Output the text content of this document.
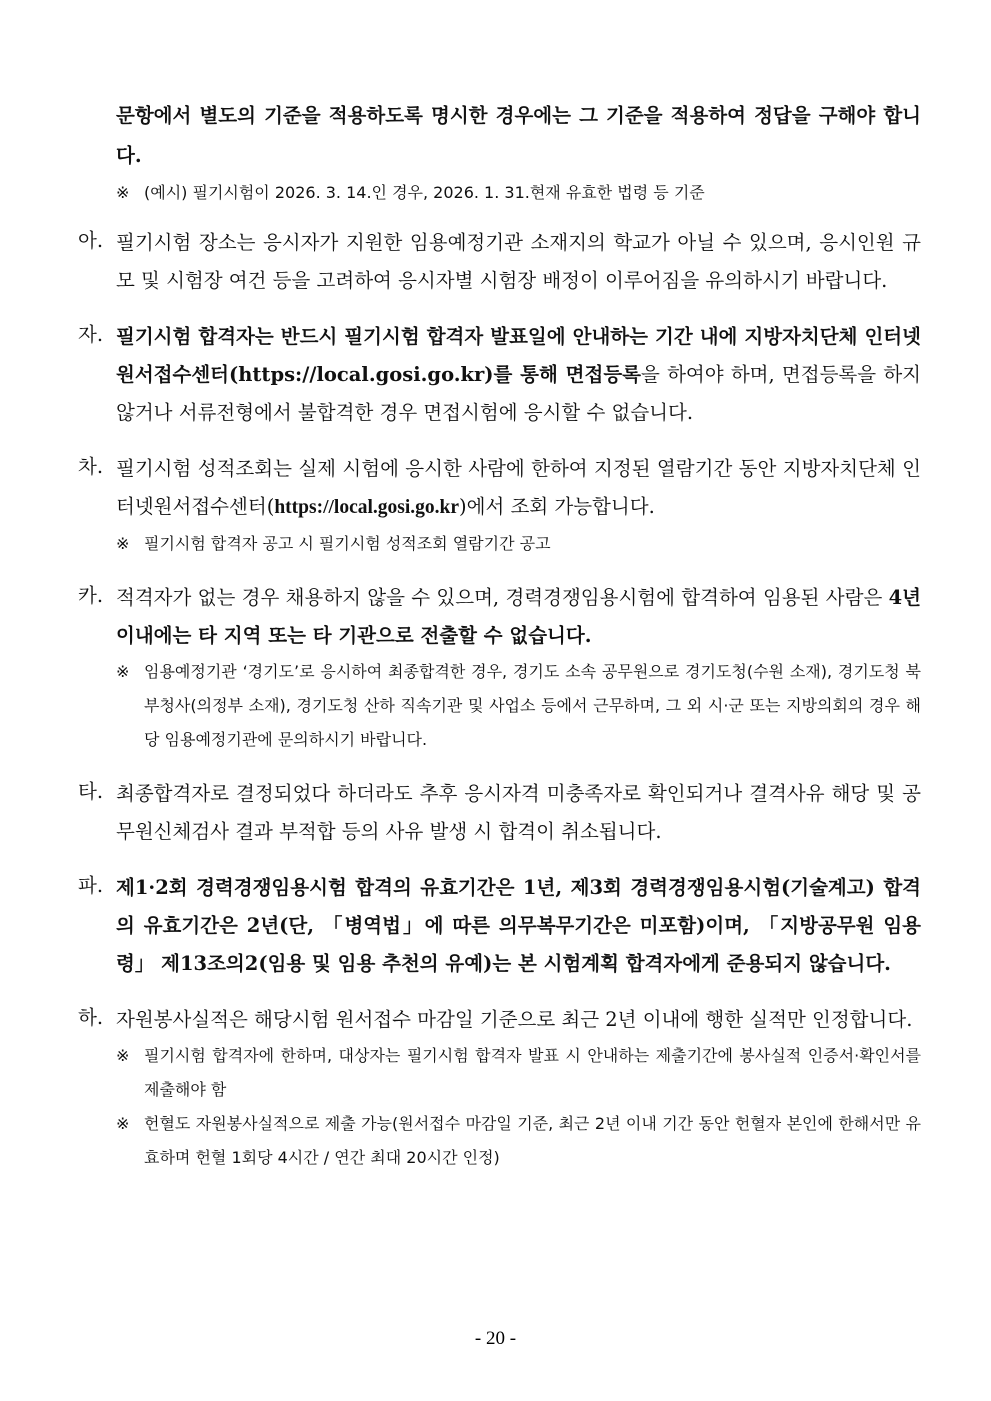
문항에서 별도의 기준을 적용하도록 명시한 경우에는 그 기준을 적용하여 정답을 구해야 합니다.
※ (예시) 필기시험이 2026. 3. 14.인 경우, 2026. 1. 31.현재 유효한 법령 등 기준
아. 필기시험 장소는 응시자가 지원한 임용예정기관 소재지의 학교가 아닐 수 있으며, 응시인원 규모 및 시험장 여건 등을 고려하여 응시자별 시험장 배정이 이루어짐을 유의하시기 바랍니다.
자. 필기시험 합격자는 반드시 필기시험 합격자 발표일에 안내하는 기간 내에 지방자치단체 인터넷원서접수센터(https://local.gosi.go.kr)를 통해 면접등록을 하여야 하며, 면접등록을 하지 않거나 서류전형에서 불합격한 경우 면접시험에 응시할 수 없습니다.
차. 필기시험 성적조회는 실제 시험에 응시한 사람에 한하여 지정된 열람기간 동안 지방자치단체 인터넷원서접수센터(https://local.gosi.go.kr)에서 조회 가능합니다.
※ 필기시험 합격자 공고 시 필기시험 성적조회 열람기간 공고
카. 적격자가 없는 경우 채용하지 않을 수 있으며, 경력경쟁임용시험에 합격하여 임용된 사람은 4년 이내에는 타 지역 또는 타 기관으로 전출할 수 없습니다.
※ 임용예정기관 ‘경기도’로 응시하여 최종합격한 경우, 경기도 소속 공무원으로 경기도청(수원 소재), 경기도청 북부청사(의정부 소재), 경기도청 산하 직속기관 및 사업소 등에서 근무하며, 그 외 시·군 또는 지방의회의 경우 해당 임용예정기관에 문의하시기 바랍니다.
타. 최종합격자로 결정되었다 하더라도 추후 응시자격 미충족자로 확인되거나 결격사유 해당 및 공무원신체검사 결과 부적합 등의 사유 발생 시 합격이 취소됩니다.
파. 제1·2회 경력경쟁임용시험 합격의 유효기간은 1년, 제3회 경력경쟁임용시험(기술계고) 합격의 유효기간은 2년(단, 「병역법」에 따른 의무복무기간은 미포함)이며, 「지방공무원 임용령」 제13조의2(임용 및 임용 추천의 유예)는 본 시험계획 합격자에게 준용되지 않습니다.
하. 자원봉사실적은 해당시험 원서접수 마감일 기준으로 최근 2년 이내에 행한 실적만 인정합니다.
※ 필기시험 합격자에 한하며, 대상자는 필기시험 합격자 발표 시 안내하는 제출기간에 봉사실적 인증서·확인서를 제출해야 함
※ 헌혈도 자원봉사실적으로 제출 가능(원서접수 마감일 기준, 최근 2년 이내 기간 동안 헌혈자 본인에 한해서만 유효하며 헌혈 1회당 4시간 / 연간 최대 20시간 인정)
- 20 -
